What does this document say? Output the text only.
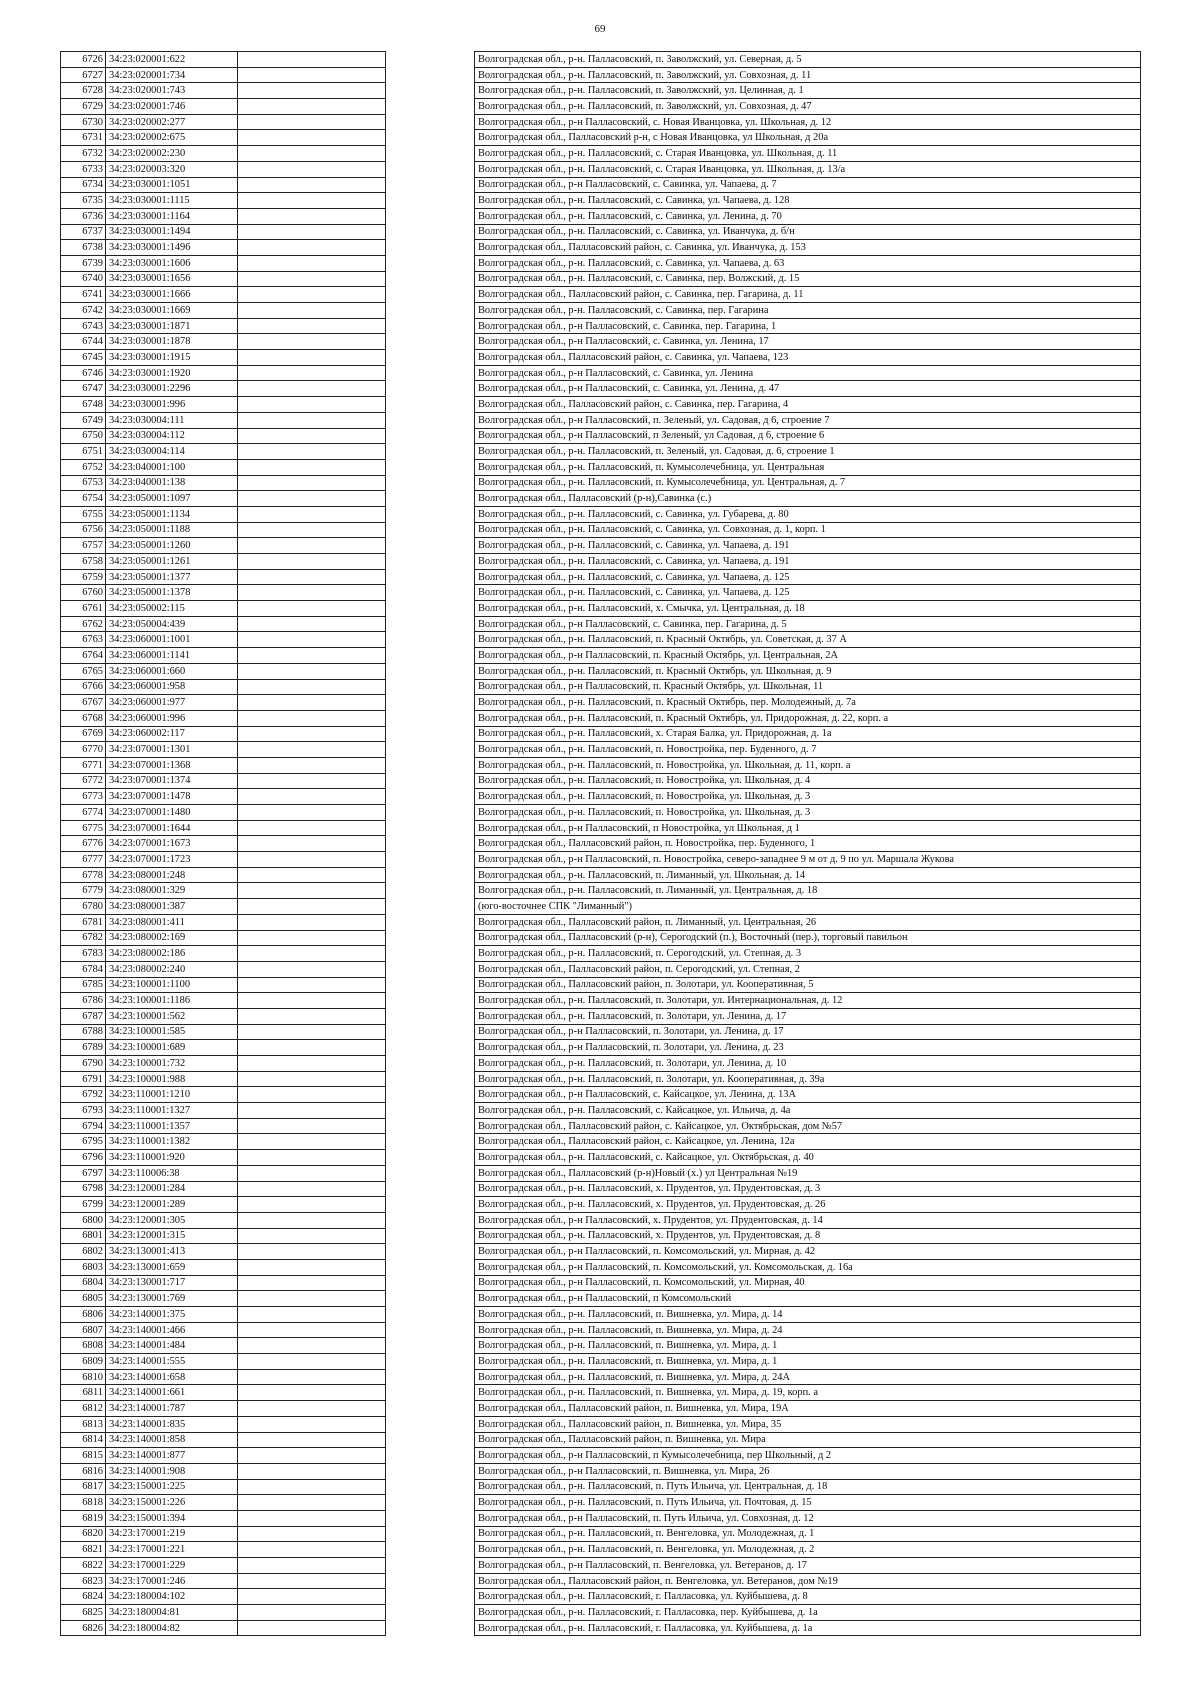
69
6726	34:23:020001:622			Волгоградская обл., р-н. Палласовский, п. Заволжский, ул. Северная, д. 5
6727	34:23:020001:734			Волгоградская обл., р-н. Палласовский, п. Заволжский, ул. Совхозная, д. 11
6728	34:23:020001:743			Волгоградская обл., р-н. Палласовский, п. Заволжский, ул. Целинная, д. 1
6729	34:23:020001:746			Волгоградская обл., р-н. Палласовский, п. Заволжский, ул. Совхозная, д. 47
6730	34:23:020002:277			Волгоградская обл., р-н Палласовский, с. Новая Иванцовка, ул. Школьная, д. 12
6731	34:23:020002:675			Волгоградская обл., Палласовский р-н, с Новая Иванцовка, ул Школьная, д 20а
6732	34:23:020002:230			Волгоградская обл., р-н. Палласовский, с. Старая Иванцовка, ул. Школьная, д. 11
6733	34:23:020003:320			Волгоградская обл., р-н. Палласовский, с. Старая Иванцовка, ул. Школьная, д. 13/а
6734	34:23:030001:1051			Волгоградская обл., р-н Палласовский, с. Савинка, ул. Чапаева, д. 7
6735	34:23:030001:1115			Волгоградская обл., р-н. Палласовский, с. Савинка, ул. Чапаева, д. 128
6736	34:23:030001:1164			Волгоградская обл., р-н. Палласовский, с. Савинка, ул. Ленина, д. 70
6737	34:23:030001:1494			Волгоградская обл., р-н. Палласовский, с. Савинка, ул. Иванчука, д. б/н
6738	34:23:030001:1496			Волгоградская обл., Палласовский район, с. Савинка, ул. Иванчука, д. 153
6739	34:23:030001:1606			Волгоградская обл., р-н. Палласовский, с. Савинка, ул. Чапаева, д. 63
6740	34:23:030001:1656			Волгоградская обл., р-н. Палласовский, с. Савинка, пер. Волжский, д. 15
6741	34:23:030001:1666			Волгоградская обл., Палласовский район, с. Савинка, пер. Гагарина, д. 11
6742	34:23:030001:1669			Волгоградская обл., р-н. Палласовский, с. Савинка, пер. Гагарина
6743	34:23:030001:1871			Волгоградская обл., р-н Палласовский, с. Савинка, пер. Гагарина, 1
6744	34:23:030001:1878			Волгоградская обл., р-н Палласовский, с. Савинка, ул. Ленина, 17
6745	34:23:030001:1915			Волгоградская обл., Палласовский район, с. Савинка, ул. Чапаева, 123
6746	34:23:030001:1920			Волгоградская обл., р-н Палласовский, с. Савинка, ул. Ленина
6747	34:23:030001:2296			Волгоградская обл., р-н Палласовский, с. Савинка, ул. Ленина, д. 47
6748	34:23:030001:996			Волгоградская обл., Палласовский район, с. Савинка, пер. Гагарина, 4
6749	34:23:030004:111			Волгоградская обл., р-н Палласовский, п. Зеленый, ул. Садовая, д 6, строение 7
6750	34:23:030004:112			Волгоградская обл., р-н Палласовский, п Зеленый, ул Садовая, д 6, строение 6
6751	34:23:030004:114			Волгоградская обл., р-н. Палласовский, п. Зеленый, ул. Садовая, д. 6, строение 1
6752	34:23:040001:100			Волгоградская обл., р-н. Палласовский, п. Кумысолечебница, ул. Центральная
6753	34:23:040001:138			Волгоградская обл., р-н. Палласовский, п. Кумысолечебница, ул. Центральная, д. 7
6754	34:23:050001:1097			Волгоградская обл., Палласовский (р-н),Савинка (с.)
6755	34:23:050001:1134			Волгоградская обл., р-н. Палласовский, с. Савинка, ул. Губарева, д. 80
6756	34:23:050001:1188			Волгоградская обл., р-н. Палласовский, с. Савинка, ул. Совхозная, д. 1, корп. 1
6757	34:23:050001:1260			Волгоградская обл., р-н. Палласовский, с. Савинка, ул. Чапаева, д. 191
6758	34:23:050001:1261			Волгоградская обл., р-н. Палласовский, с. Савинка, ул. Чапаева, д. 191
6759	34:23:050001:1377			Волгоградская обл., р-н. Палласовский, с. Савинка, ул. Чапаева, д. 125
6760	34:23:050001:1378			Волгоградская обл., р-н. Палласовский, с. Савинка, ул. Чапаева, д. 125
6761	34:23:050002:115			Волгоградская обл., р-н. Палласовский, х. Смычка, ул. Центральная, д. 18
6762	34:23:050004:439			Волгоградская обл., р-н Палласовский, с. Савинка, пер. Гагарина, д. 5
6763	34:23:060001:1001			Волгоградская обл., р-н. Палласовский, п. Красный Октябрь, ул. Советская, д. 37 А
6764	34:23:060001:1141			Волгоградская обл., р-н Палласовский, п. Красный Октябрь, ул. Центральная, 2А
6765	34:23:060001:660			Волгоградская обл., р-н. Палласовский, п. Красный Октябрь, ул. Школьная, д. 9
6766	34:23:060001:958			Волгоградская обл., р-н Палласовский, п. Красный Октябрь, ул. Школьная, 11
6767	34:23:060001:977			Волгоградская обл., р-н. Палласовский, п. Красный Октябрь, пер. Молодежный, д. 7а
6768	34:23:060001:996			Волгоградская обл., р-н. Палласовский, п. Красный Октябрь, ул. Придорожная, д. 22, корп. а
6769	34:23:060002:117			Волгоградская обл., р-н. Палласовский, х. Старая Балка, ул. Придорожная, д. 1а
6770	34:23:070001:1301			Волгоградская обл., р-н. Палласовский, п. Новостройка, пер. Буденного, д. 7
6771	34:23:070001:1368			Волгоградская обл., р-н. Палласовский, п. Новостройка, ул. Школьная, д. 11, корп. а
6772	34:23:070001:1374			Волгоградская обл., р-н. Палласовский, п. Новостройка, ул. Школьная, д. 4
6773	34:23:070001:1478			Волгоградская обл., р-н. Палласовский, п. Новостройка, ул. Школьная, д. 3
6774	34:23:070001:1480			Волгоградская обл., р-н. Палласовский, п. Новостройка, ул. Школьная, д. 3
6775	34:23:070001:1644			Волгоградская обл., р-н Палласовский, п Новостройка, ул Школьная, д 1
6776	34:23:070001:1673			Волгоградская обл., Палласовский район, п. Новостройка, пер. Буденного, 1
6777	34:23:070001:1723			Волгоградская обл., р-н Палласовский, п. Новостройка, северо-западнее 9 м от д. 9 по ул. Маршала Жукова
6778	34:23:080001:248			Волгоградская обл., р-н. Палласовский, п. Лиманный, ул. Школьная, д. 14
6779	34:23:080001:329			Волгоградская обл., р-н. Палласовский, п. Лиманный, ул. Центральная, д. 18
6780	34:23:080001:387			(юго-восточнее СПК "Лиманный")
6781	34:23:080001:411			Волгоградская обл., Палласовский район, п. Лиманный, ул. Центральная, 26
6782	34:23:080002:169			Волгоградская обл., Палласовский (р-н), Серогодский (п.), Восточный (пер.), торговый павильон
6783	34:23:080002:186			Волгоградская обл., р-н. Палласовский, п. Серогодский, ул. Степная, д. 3
6784	34:23:080002:240			Волгоградская обл., Палласовский район, п. Серогодский, ул. Степная, 2
6785	34:23:100001:1100			Волгоградская обл., Палласовский район, п. Золотари, ул. Кооперативная, 5
6786	34:23:100001:1186			Волгоградская обл., р-н. Палласовский, п. Золотари, ул. Интернациональная, д. 12
6787	34:23:100001:562			Волгоградская обл., р-н. Палласовский, п. Золотари, ул. Ленина, д. 17
6788	34:23:100001:585			Волгоградская обл., р-н Палласовский, п. Золотари, ул. Ленина, д. 17
6789	34:23:100001:689			Волгоградская обл., р-н Палласовский, п. Золотари, ул. Ленина, д. 23
6790	34:23:100001:732			Волгоградская обл., р-н. Палласовский, п. Золотари, ул. Ленина, д. 10
6791	34:23:100001:988			Волгоградская обл., р-н. Палласовский, п. Золотари, ул. Кооперативная, д. 39а
6792	34:23:110001:1210			Волгоградская обл., р-н Палласовский, с. Кайсацкое, ул. Ленина, д. 13А
6793	34:23:110001:1327			Волгоградская обл., р-н. Палласовский, с. Кайсацкое, ул. Ильича, д. 4а
6794	34:23:110001:1357			Волгоградская обл., Палласовский район, с. Кайсацкое, ул. Октябрьская, дом №57
6795	34:23:110001:1382			Волгоградская обл., Палласовский район, с. Кайсацкое, ул. Ленина, 12а
6796	34:23:110001:920			Волгоградская обл., р-н. Палласовский, с. Кайсацкое, ул. Октябрьская, д. 40
6797	34:23:110006:38			Волгоградская обл., Палласовский (р-н)Новый (х.) ул Центральная №19
6798	34:23:120001:284			Волгоградская обл., р-н. Палласовский, х. Прудентов, ул. Прудентовская, д. 3
6799	34:23:120001:289			Волгоградская обл., р-н. Палласовский, х. Прудентов, ул. Прудентовская, д. 26
6800	34:23:120001:305			Волгоградская обл., р-н Палласовский, х. Прудентов, ул. Прудентовская, д. 14
6801	34:23:120001:315			Волгоградская обл., р-н. Палласовский, х. Прудентов, ул. Прудентовская, д. 8
6802	34:23:130001:413			Волгоградская обл., р-н Палласовский, п. Комсомольский, ул. Мирная, д. 42
6803	34:23:130001:659			Волгоградская обл., р-н Палласовский, п. Комсомольский, ул. Комсомольская, д. 16а
6804	34:23:130001:717			Волгоградская обл., р-н Палласовский, п. Комсомольский, ул. Мирная, 40
6805	34:23:130001:769			Волгоградская обл., р-н Палласовский, п Комсомольский
6806	34:23:140001:375			Волгоградская обл., р-н. Палласовский, п. Вишневка, ул. Мира, д. 14
6807	34:23:140001:466			Волгоградская обл., р-н. Палласовский, п. Вишневка, ул. Мира, д. 24
6808	34:23:140001:484			Волгоградская обл., р-н. Палласовский, п. Вишневка, ул. Мира, д. 1
6809	34:23:140001:555			Волгоградская обл., р-н. Палласовский, п. Вишневка, ул. Мира, д. 1
6810	34:23:140001:658			Волгоградская обл., р-н. Палласовский, п. Вишневка, ул. Мира, д. 24А
6811	34:23:140001:661			Волгоградская обл., р-н. Палласовский, п. Вишневка, ул. Мира, д. 19, корп. а
6812	34:23:140001:787			Волгоградская обл., Палласовский район, п. Вишневка, ул. Мира, 19А
6813	34:23:140001:835			Волгоградская обл., Палласовский район, п. Вишневка, ул. Мира, 35
6814	34:23:140001:858			Волгоградская обл., Палласовский район, п. Вишневка, ул. Мира
6815	34:23:140001:877			Волгоградская обл., р-н Палласовский, п Кумысолечебница, пер Школьный, д 2
6816	34:23:140001:908			Волгоградская обл., р-н Палласовский, п. Вишневка, ул. Мира, 26
6817	34:23:150001:225			Волгоградская обл., р-н. Палласовский, п. Путь Ильича, ул. Центральная, д. 18
6818	34:23:150001:226			Волгоградская обл., р-н. Палласовский, п. Путь Ильича, ул. Почтовая, д. 15
6819	34:23:150001:394			Волгоградская обл., р-н Палласовский, п. Путь Ильича, ул. Совхозная, д. 12
6820	34:23:170001:219			Волгоградская обл., р-н. Палласовский, п. Венгеловка, ул. Молодежная, д. 1
6821	34:23:170001:221			Волгоградская обл., р-н. Палласовский, п. Венгеловка, ул. Молодежная, д. 2
6822	34:23:170001:229			Волгоградская обл., р-н Палласовский, п. Венгеловка, ул. Ветеранов, д. 17
6823	34:23:170001:246			Волгоградская обл., Палласовский район, п. Венгеловка, ул. Ветеранов, дом №19
6824	34:23:180004:102			Волгоградская обл., р-н. Палласовский, г. Палласовка, ул. Куйбышева, д. 8
6825	34:23:180004:81			Волгоградская обл., р-н. Палласовский, г. Палласовка, пер. Куйбышева, д. 1а
6826	34:23:180004:82			Волгоградская обл., р-н. Палласовский, г. Палласовка, ул. Куйбышева, д. 1а
